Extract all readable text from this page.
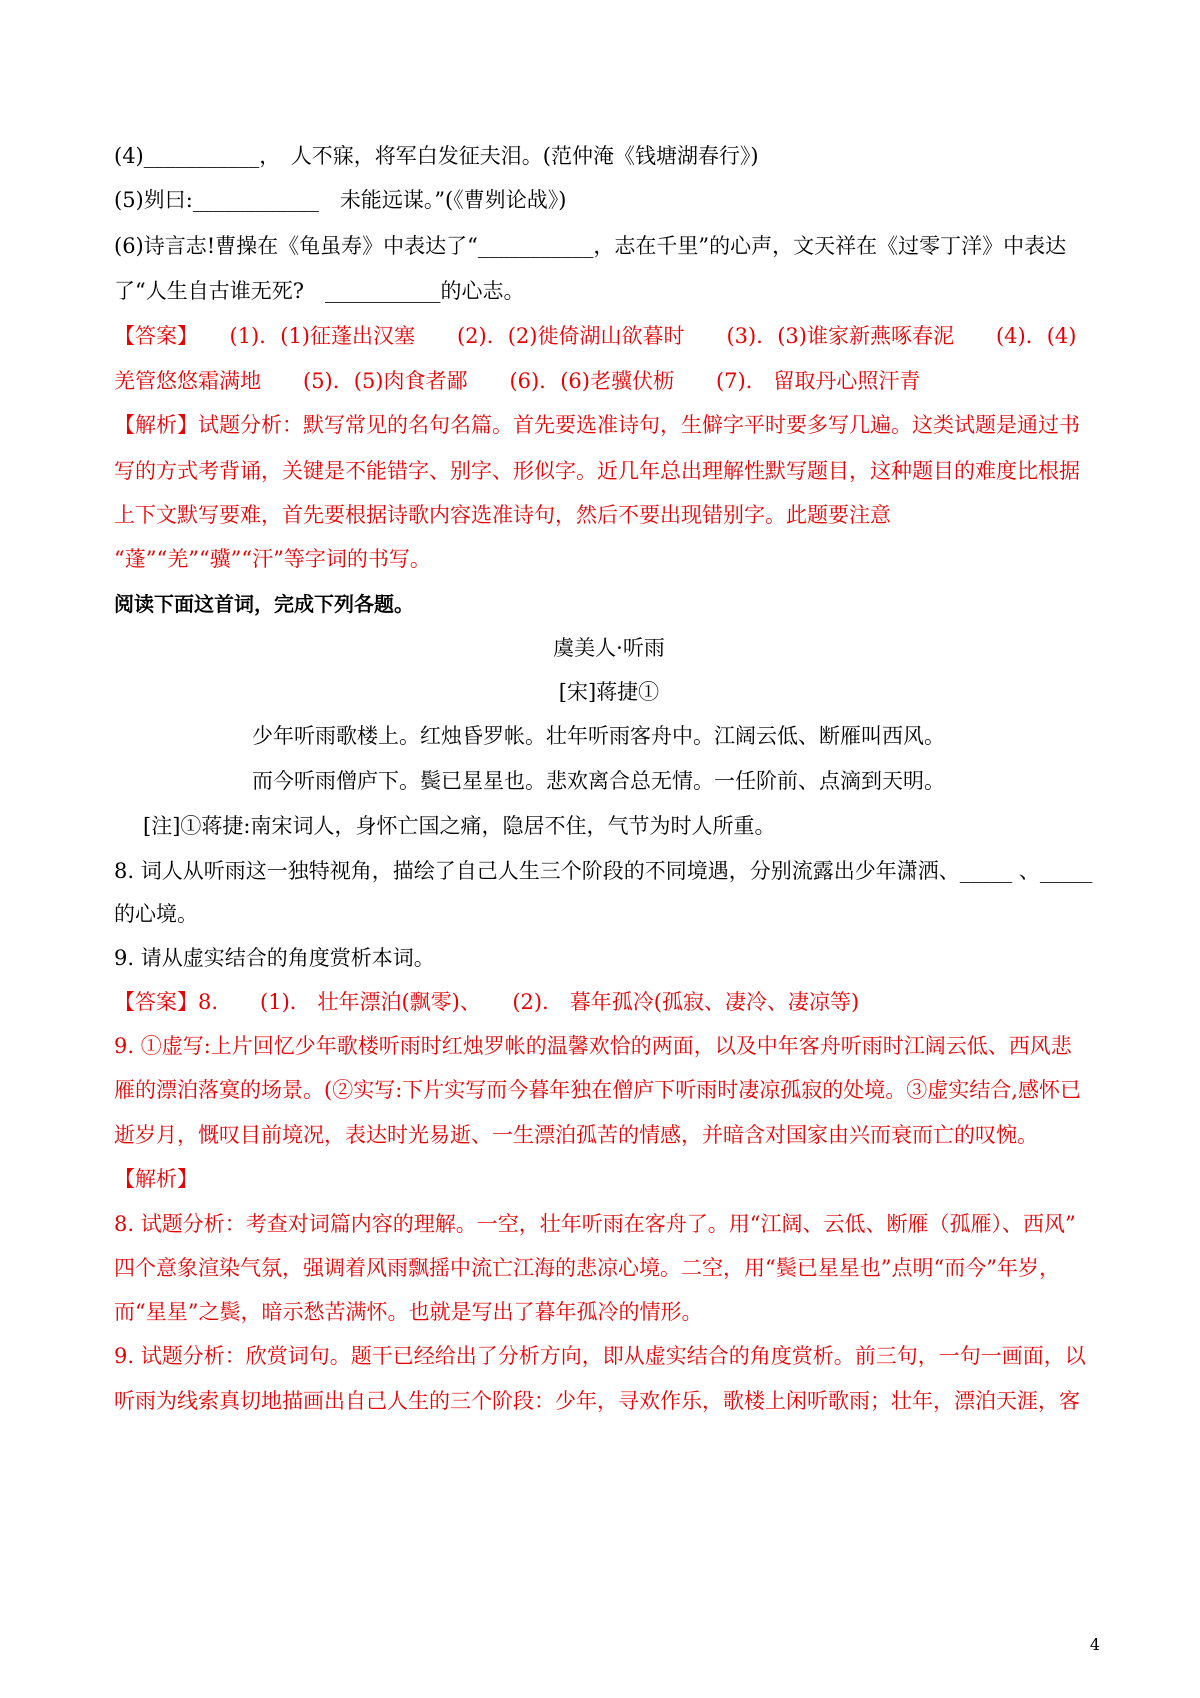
(4)___________，　人不寐，将军白发征夫泪。(范仲淹《钱塘湖春行》)
(5)刿曰:____________　未能远谋。”(《曹刿论战》)
(6)诗言志!曹操在《龟虽寿》中表达了“___________，志在千里”的心声，文天祥在《过零丁洋》中表达
了“人生自古谁无死?　___________的心志。
【答案】　　(1)．(1)征蓬出汉塞　　(2)．(2)徙倚湖山欲暮时　　(3)．(3)谁家新燕啄春泥　　(4)．(4)
羌管悠悠霜满地　　(5)．(5)肉食者鄙　　(6)．(6)老骥伏枥　　(7)． 留取丹心照汗青
【解析】试题分析：默写常见的名句名篇。首先要选准诗句，生僻字平时要多写几遍。这类试题是通过书
写的方式考背诵，关键是不能错字、别字、形似字。近几年总出理解性默写题目，这种题目的难度比根据
上下文默写要难，首先要根据诗歌内容选准诗句，然后不要出现错别字。此题要注意
“蓬”“羌”“骥”“汗”等字词的书写。
阅读下面这首词，完成下列各题。
虞美人·听雨
[宋]蒋捷①
少年听雨歌楼上。红烛昏罗帐。壮年听雨客舟中。江阔云低、断雁叫西风。
而今听雨僧庐下。鬓已星星也。悲欢离合总无情。一任阶前、点滴到天明。
[注]①蒋捷:南宋词人，身怀亡国之痛，隐居不住，气节为时人所重。
8. 词人从听雨这一独特视角，描绘了自己人生三个阶段的不同境遇，分别流露出少年潇洒、_____ 、_____
的心境。
9. 请从虚实结合的角度赏析本词。
【答案】8.　　(1)． 壮年漂泊(飘零)、　　(2)． 暮年孤冷(孤寂、凄冷、凄凉等)
9. ①虚写:上片回忆少年歌楼听雨时红烛罗帐的温馨欢恰的两面，以及中年客舟听雨时江阔云低、西风悲
雁的漂泊落寞的场景。(②实写:下片实写而今暮年独在僧庐下听雨时凄凉孤寂的处境。③虚实结合,感怀已
逝岁月，慨叹目前境况，表达时光易逝、一生漂泊孤苦的情感，并暗含对国家由兴而衰而亡的叹惋。
【解析】
8. 试题分析：考查对词篇内容的理解。一空，壮年听雨在客舟了。用“江阔、云低、断雁（孤雁）、西风”
四个意象渲染气氛，强调着风雨飘摇中流亡江海的悲凉心境。二空，用“鬓已星星也”点明“而今”年岁，
而“星星”之鬓，暗示愁苦满怀。也就是写出了暮年孤冷的情形。
9. 试题分析：欣赏词句。题干已经给出了分析方向，即从虚实结合的角度赏析。前三句，一句一画面，以
听雨为线索真切地描画出自己人生的三个阶段：少年，寻欢作乐，歌楼上闲听歌雨；壮年，漂泊天涯，客
4
